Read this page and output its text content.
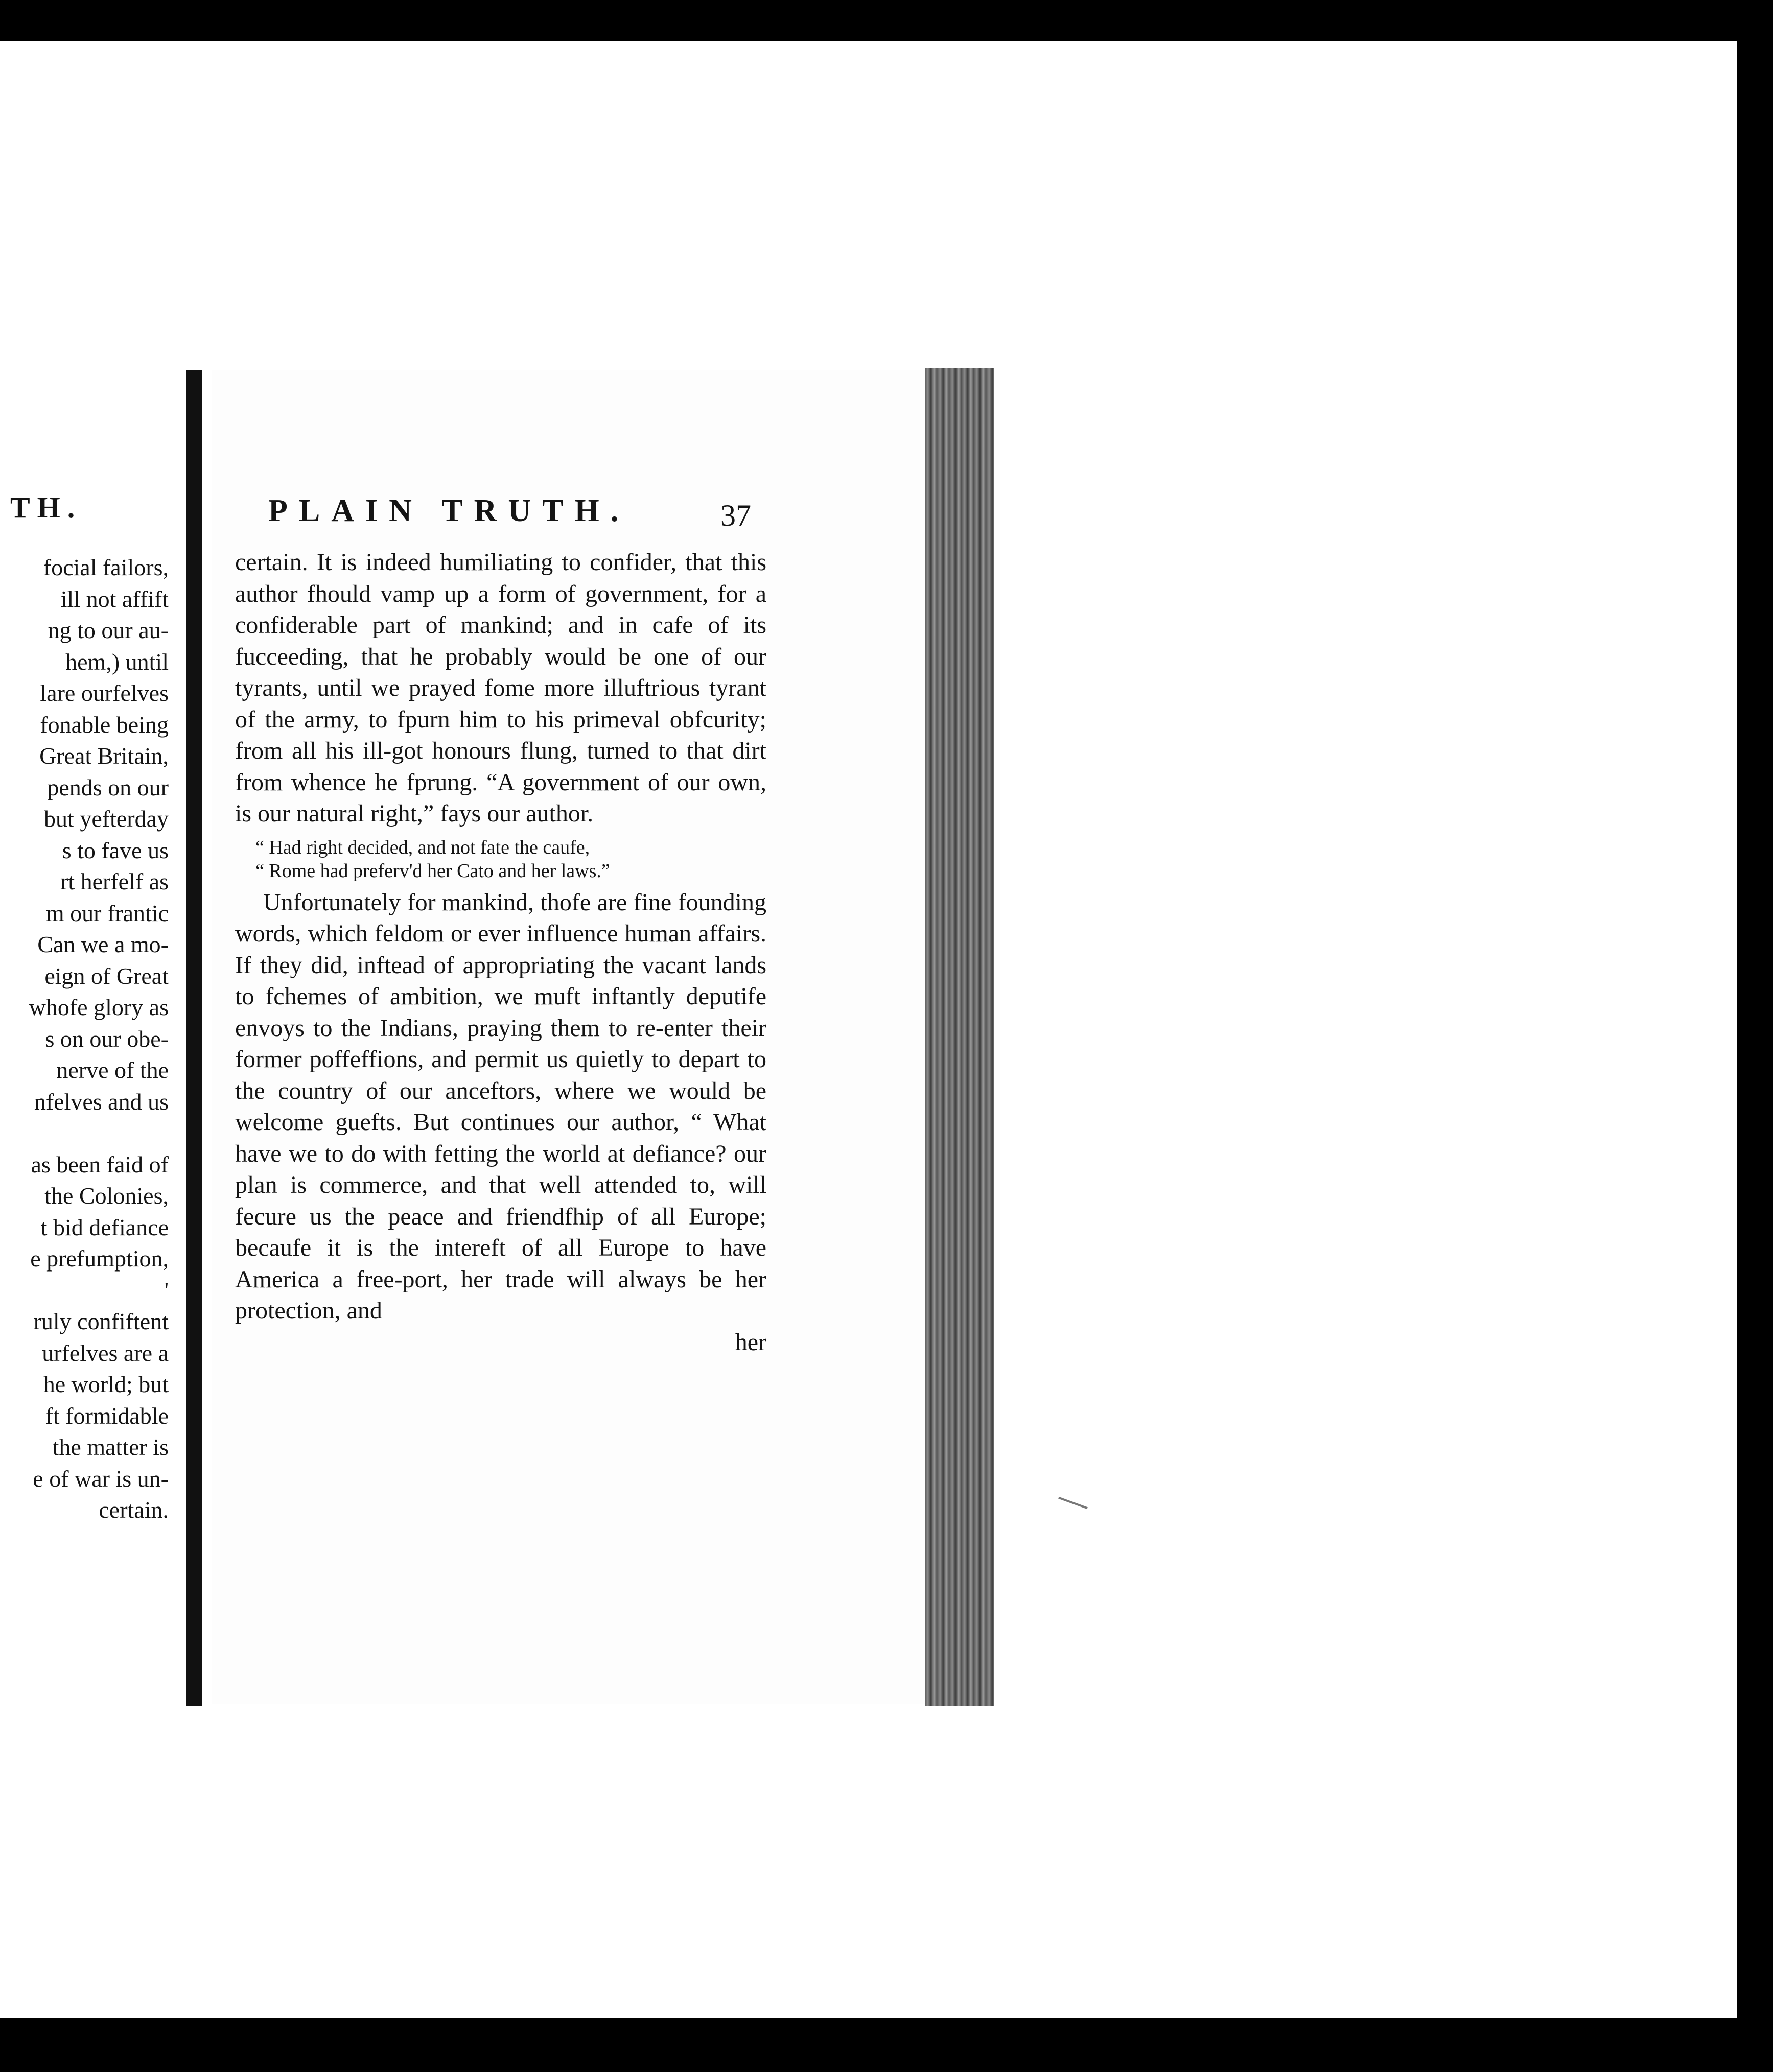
TH.
focial failors,
ill not affift
ng to our au-
hem,) until
lare ourfelves
fonable being
Great Britain,
pends on our
but yefterday
s to fave us
rt herfelf as
m our frantic
Can we a mo-
eign of Great
whofe glory as
s on our obe-
nerve of the
nfelves and us
as been faid of
the Colonies,
t bid defiance
e prefumption,
'
ruly confiftent
urfelves are a
he world; but
ft formidable
the matter is
e of war is un-
certain.
PLAIN TRUTH.	37

certain. It is indeed humiliating to confider, that this author fhould vamp up a form of government, for a confiderable part of mankind; and in cafe of its fucceeding, that he probably would be one of our tyrants, until we prayed fome more illuftrious tyrant of the army, to fpurn him to his primeval obfcurity; from all his ill-got honours flung, turned to that dirt from whence he fprung. “A government of our own, is our natural right,” fays our author.

“ Had right decided, and not fate the caufe,
“ Rome had preferv'd her Cato and her laws.”

Unfortunately for mankind, thofe are fine founding words, which feldom or ever influence human affairs. If they did, inftead of appropriating the vacant lands to fchemes of ambition, we muft inftantly deputife envoys to the Indians, praying them to re-enter their former poffeffions, and permit us quietly to depart to the country of our anceftors, where we would be welcome guefts. But continues our author, “ What have we to do with fetting the world at defiance? our plan is commerce, and that well attended to, will fecure us the peace and friendfhip of all Europe; becaufe it is the intereft of all Europe to have America a free-port, her trade will always be her protection, and

her
